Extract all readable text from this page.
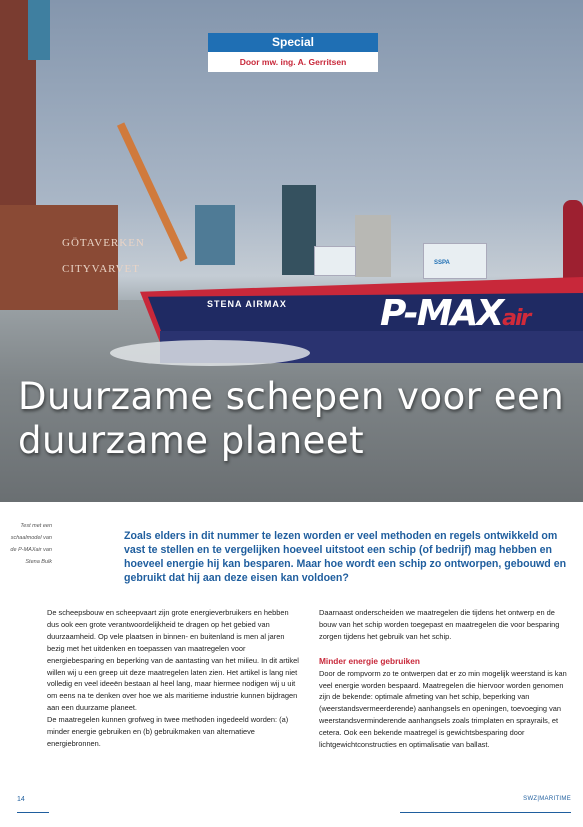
GÖTAVERKEN
CITYVARVET	SSPA
STENA AIRMAX	P-MAXair
Duurzame schepen voor een duurzame planeet
Special
Door mw. ing. A. Gerritsen
Test met een
schaalmodel van
de P-MAXair van
Stena Bulk

Zoals elders in dit nummer te lezen worden er veel methoden en regels ontwikkeld om vast te stellen en te vergelijken hoeveel uitstoot een schip (of bedrijf) mag hebben en hoeveel energie hij kan besparen. Maar hoe wordt een schip zo ontworpen, gebouwd en gebruikt dat hij aan deze eisen kan voldoen?

De scheepsbouw en scheepvaart zijn grote energieverbruikers en hebben dus ook een grote verantwoordelijkheid te dragen op het gebied van duurzaamheid. Op vele plaatsen in binnen- en buitenland is men al jaren bezig met het uitdenken en toepassen van maatregelen voor energiebesparing en beperking van de aantasting van het milieu. In dit artikel willen wij u een greep uit deze maatregelen laten zien. Het artikel is lang niet volledig en veel ideeën bestaan al heel lang, maar hiermee nodigen wij u uit om eens na te denken over hoe we als maritieme industrie kunnen bijdragen aan een duurzame planeet.

De maatregelen kunnen grofweg in twee methoden ingedeeld worden: (a) minder energie gebruiken en (b) gebruikmaken van alternatieve energiebronnen.

Daarnaast onderscheiden we maatregelen die tijdens het ontwerp en de bouw van het schip worden toegepast en maatregelen die voor besparing zorgen tijdens het gebruik van het schip.

Minder energie gebruiken

Door de rompvorm zo te ontwerpen dat er zo min mogelijk weerstand is kan veel energie worden bespaard. Maatregelen die hiervoor worden genomen zijn de bekende: optimale afmeting van het schip, beperking van (weerstandsvermeerderende) aanhangsels en openingen, toevoeging van weerstandsverminderende aanhangsels zoals trimplaten en sprayrails, et cetera. Ook een bekende maatregel is gewichtsbesparing door lichtgewichtconstructies en optimalisatie van ballast.

14	SWZ|MARITIME
